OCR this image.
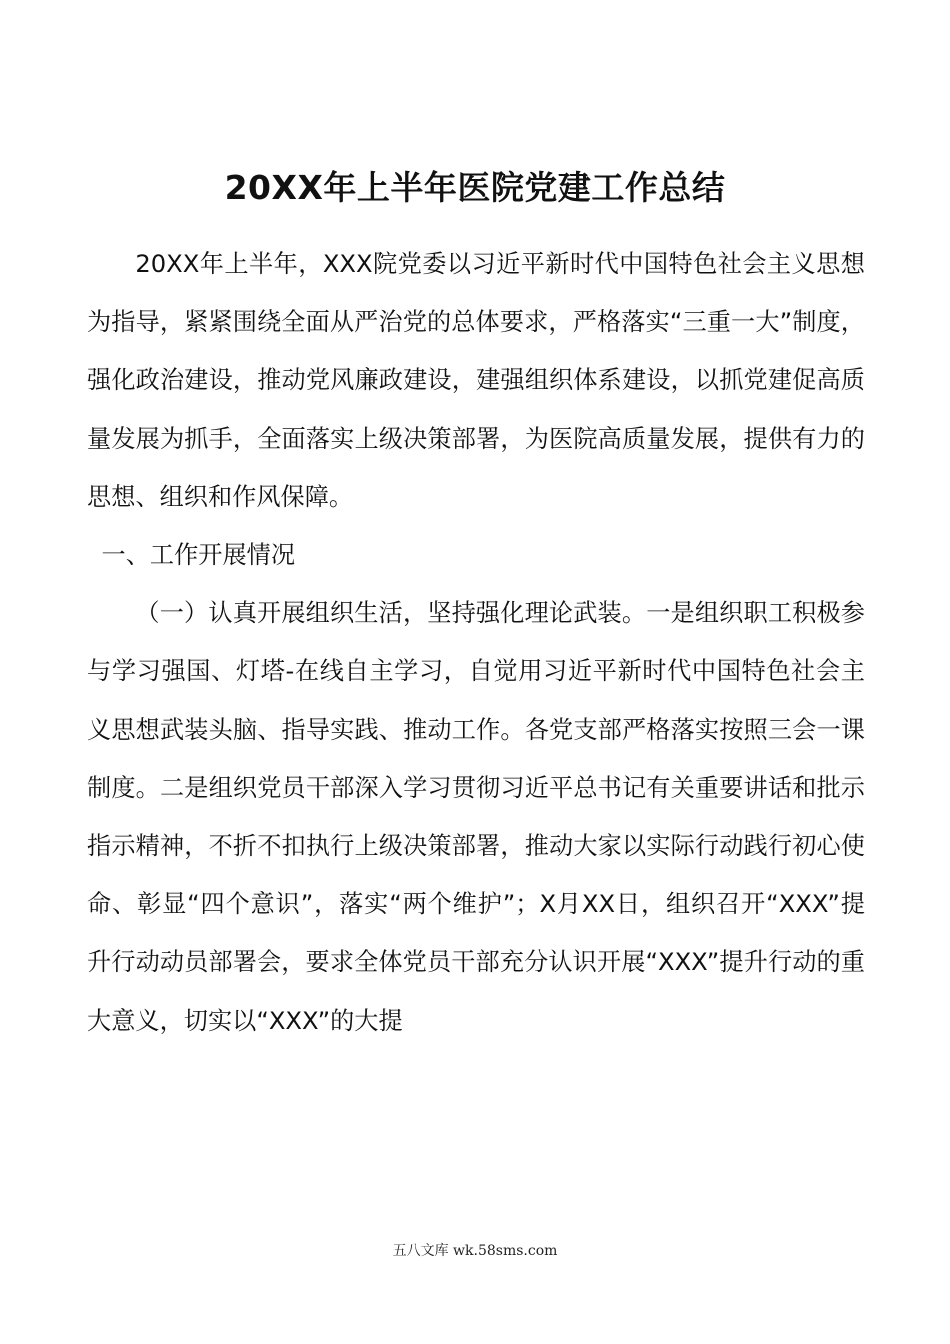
20XX年上半年医院党建工作总结

20XX年上半年，XXX院党委以习近平新时代中国特色社会主义思想为指导，紧紧围绕全面从严治党的总体要求，严格落实“三重一大”制度，强化政治建设，推动党风廉政建设，建强组织体系建设，以抓党建促高质量发展为抓手，全面落实上级决策部署，为医院高质量发展，提供有力的思想、组织和作风保障。

一、工作开展情况

（一）认真开展组织生活，坚持强化理论武装。一是组织职工积极参与学习强国、灯塔-在线自主学习，自觉用习近平新时代中国特色社会主义思想武装头脑、指导实践、推动工作。各党支部严格落实按照三会一课制度。二是组织党员干部深入学习贯彻习近平总书记有关重要讲话和批示指示精神，不折不扣执行上级决策部署，推动大家以实际行动践行初心使命、彰显“四个意识”，落实“两个维护”；X月XX日，组织召开“XXX”提升行动动员部署会，要求全体党员干部充分认识开展“XXX”提升行动的重大意义，切实以“XXX”的大提

五八文库 wk.58sms.com
